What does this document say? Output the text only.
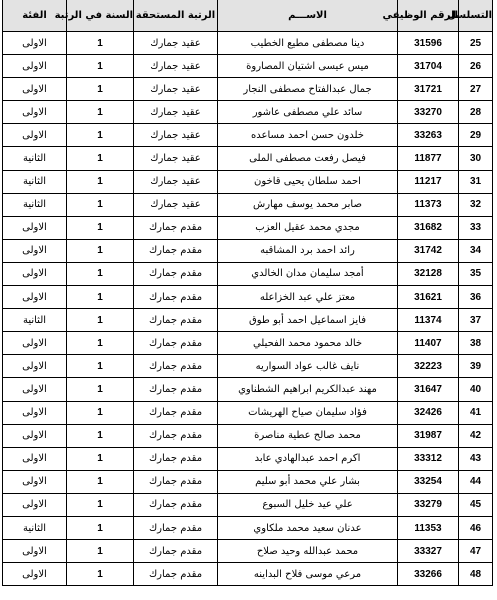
التسلسل	الرقم الوظيفي	الاســـم	الرتبة المستحقة	السنة في الرتبة	الفئة
25	31596	دينا مصطفى مطيع الخطيب	عقيد جمارك	1	الاولى
26	31704	ميس عيسى اشتيان المصاروة	عقيد جمارك	1	الاولى
27	31721	جمال عبدالفتاح مصطفى النجار	عقيد جمارك	1	الاولى
28	33270	سائد علي مصطفى عاشور	عقيد جمارك	1	الاولى
29	33263	خلدون حسن احمد مساعده	عقيد جمارك	1	الاولى
30	11877	فيصل رفعت مصطفى الملى	عقيد جمارك	1	الثانية
31	11217	احمد سلطان يحيى قاخون	عقيد جمارك	1	الثانية
32	11373	صابر محمد يوسف مهارش	عقيد جمارك	1	الثانية
33	31682	مجدي محمد عقيل العزب	مقدم جمارك	1	الاولى
34	31742	رائد احمد برد المشاقبه	مقدم جمارك	1	الاولى
35	32128	أمجد سليمان مدان الخالدي	مقدم جمارك	1	الاولى
36	31621	معتز علي عبد الخزاعله	مقدم جمارك	1	الاولى
37	11374	فايز اسماعيل احمد أبو طوق	مقدم جمارك	1	الثانية
38	11407	خالد محمود محمد الفحيلي	مقدم جمارك	1	الاولى
39	32223	نايف غالب عواد السواريه	مقدم جمارك	1	الاولى
40	31647	مهند عبدالكريم ابراهيم الشطناوي	مقدم جمارك	1	الاولى
41	32426	فؤاد سليمان صياح الهريشات	مقدم جمارك	1	الاولى
42	31987	محمد صالح عطية مناصرة	مقدم جمارك	1	الاولى
43	33312	اكرم احمد عبدالهادي عابد	مقدم جمارك	1	الاولى
44	33254	بشار علي محمد أبو سليم	مقدم جمارك	1	الاولى
45	33279	علي عيد خليل السبوع	مقدم جمارك	1	الاولى
46	11353	عدنان سعيد محمد ملكاوي	مقدم جمارك	1	الثانية
47	33327	محمد عبدالله وحيد صلاح	مقدم جمارك	1	الاولى
48	33266	مرعي موسى فلاح البداينه	مقدم جمارك	1	الاولى
